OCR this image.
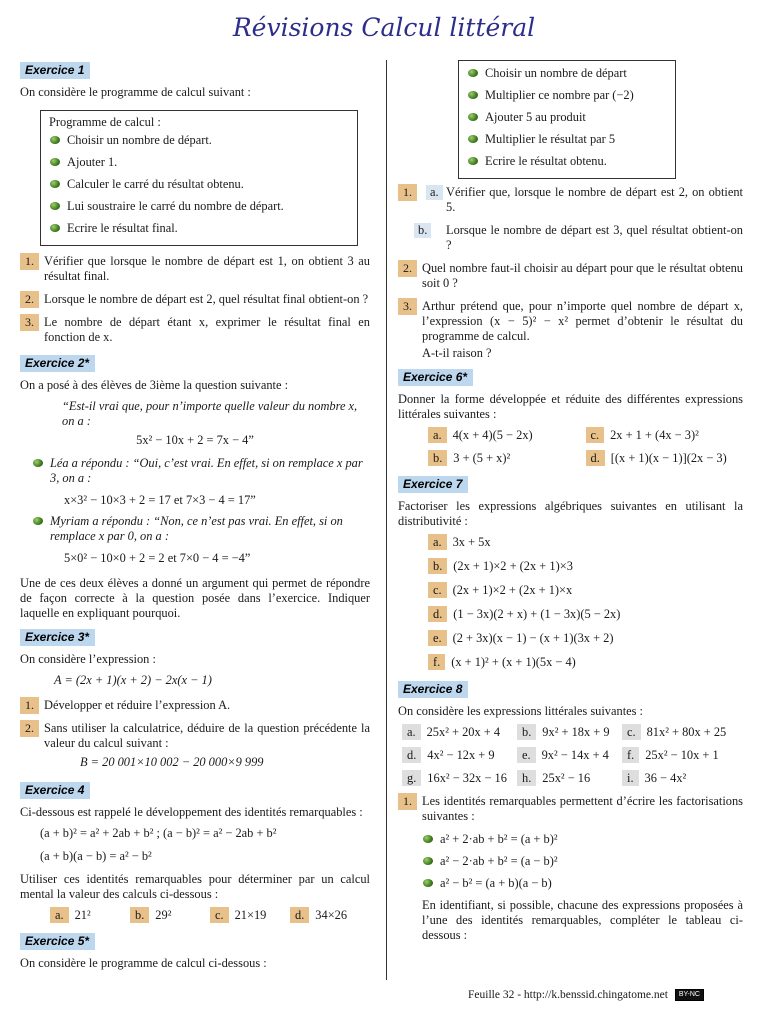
Révisions Calcul littéral
Exercice 1

On considère le programme de calcul suivant :

Programme de calcul :
Choisir un nombre de départ.
Ajouter 1.
Calculer le carré du résultat obtenu.
Lui soustraire le carré du nombre de départ.
Ecrire le résultat final.
1. Vérifier que lorsque le nombre de départ est 1, on obtient 3 au résultat final.
2. Lorsque le nombre de départ est 2, quel résultat final obtient-on ?
3. Le nombre de départ étant x, exprimer le résultat final en fonction de x.
Exercice 2*

On a posé à des élèves de 3ième la question suivante :

“Est-il vrai que, pour n’importe quelle valeur du nombre x, on a :
5x² − 10x + 2 = 7x − 4”
Léa a répondu : “Oui, c’est vrai. En effet, si on remplace x par 3, on a :
x×3² − 10×3 + 2 = 17 et 7×3 − 4 = 17”
Myriam a répondu : “Non, ce n’est pas vrai. En effet, si on remplace x par 0, on a :
5×0² − 10×0 + 2 = 2 et 7×0 − 4 = −4”

Une de ces deux élèves a donné un argument qui permet de répondre de façon correcte à la question posée dans l’exercice. Indiquer laquelle en expliquant pourquoi.

Exercice 3*

On considère l’expression :

A = (2x + 1)(x + 2) − 2x(x − 1)
1. Développer et réduire l’expression A.
2. Sans utiliser la calculatrice, déduire de la question précédente la valeur du calcul suivant :
B = 20 001×10 002 − 20 000×9 999
Exercice 4

Ci-dessous est rappelé le développement des identités remarquables :

(a + b)² = a² + 2ab + b² ; (a − b)² = a² − 2ab + b²
(a + b)(a − b) = a² − b²

Utiliser ces identités remarquables pour déterminer par un calcul mental la valeur des calculs ci-dessous :

a. 21²	b. 29²	c. 21×19	d. 34×26
Exercice 5*

On considère le programme de calcul ci-dessous :

Choisir un nombre de départ
Multiplier ce nombre par (−2)
Ajouter 5 au produit
Multiplier le résultat par 5
Ecrire le résultat obtenu.
1.	a. Vérifier que, lorsque le nombre de départ est 2, on obtient 5.
b.	Lorsque le nombre de départ est 3, quel résultat obtient-on ?
2. Quel nombre faut-il choisir au départ pour que le résultat obtenu soit 0 ?
3. Arthur prétend que, pour n’importe quel nombre de départ x, l’expression (x − 5)² − x² permet d’obtenir le résultat du programme de calcul.
A-t-il raison ?
Exercice 6*

Donner la forme développée et réduite des différentes expressions littérales suivantes :

a. 4(x + 4)(5 − 2x)	c. 2x + 1 + (4x − 3)²
b. 3 + (5 + x)²	d. [(x + 1)(x − 1)](2x − 3)
Exercice 7

Factoriser les expressions algébriques suivantes en utilisant la distributivité :

a. 3x + 5x
b. (2x + 1)×2 + (2x + 1)×3
c. (2x + 1)×2 + (2x + 1)×x
d. (1 − 3x)(2 + x) + (1 − 3x)(5 − 2x)
e. (2 + 3x)(x − 1) − (x + 1)(3x + 2)
f. (x + 1)² + (x + 1)(5x − 4)
Exercice 8

On considère les expressions littérales suivantes :

a. 25x² + 20x + 4	b. 9x² + 18x + 9	c. 81x² + 80x + 25
d. 4x² − 12x + 9	e. 9x² − 14x + 4	f. 25x² − 10x + 1
g. 16x² − 32x − 16	h. 25x² − 16	i. 36 − 4x²
1. Les identités remarquables permettent d’écrire les factorisations suivantes :
a² + 2·ab + b² = (a + b)²
a² − 2·ab + b² = (a − b)²
a² − b² = (a + b)(a − b)

En identifiant, si possible, chacune des expressions proposées à l’une des identités remarquables, compléter le tableau ci-dessous :

Feuille 32 - http://k.benssid.chingatome.net BY-NC
